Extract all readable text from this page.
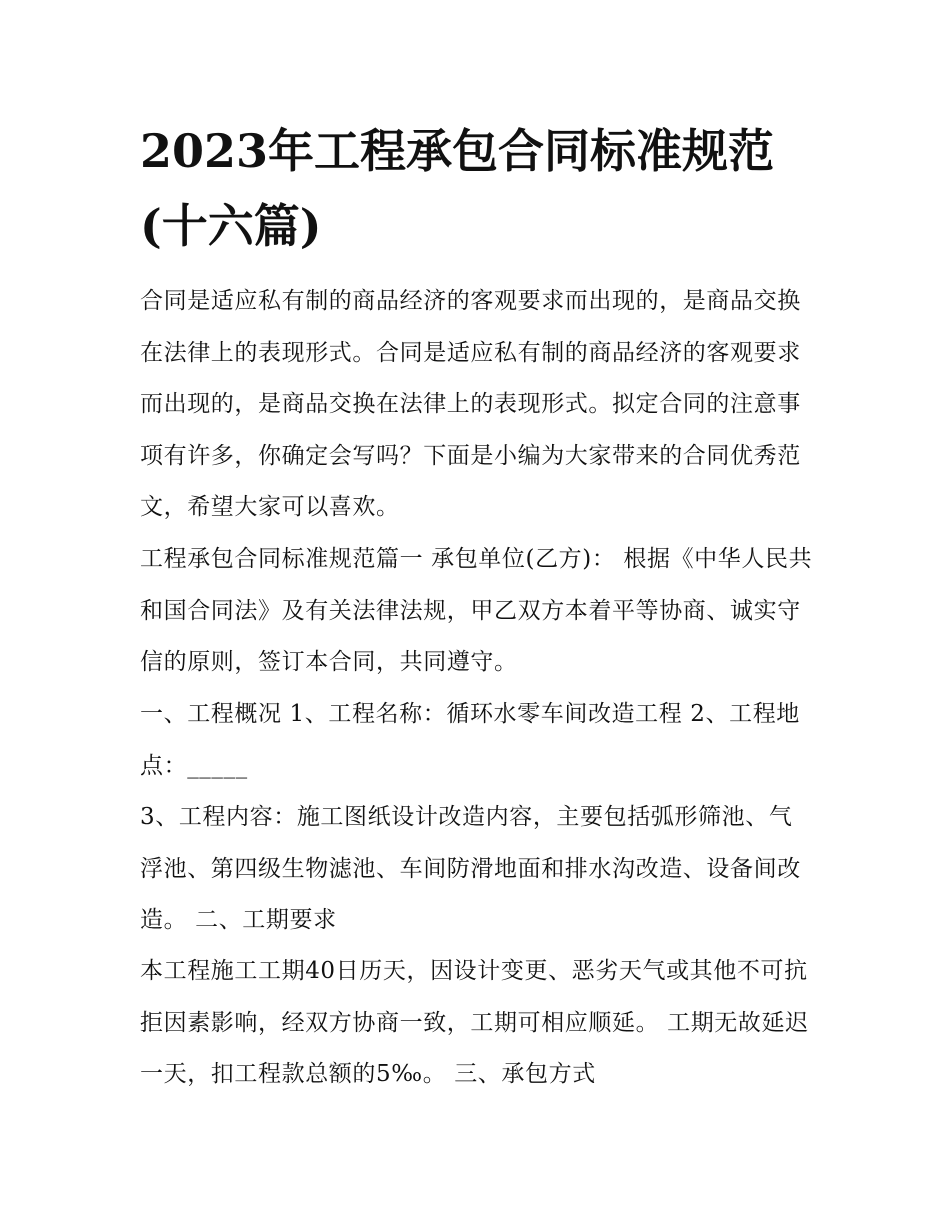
2023年工程承包合同标准规范(十六篇)

合同是适应私有制的商品经济的客观要求而出现的，是商品交换在法律上的表现形式。合同是适应私有制的商品经济的客观要求而出现的，是商品交换在法律上的表现形式。拟定合同的注意事项有许多，你确定会写吗？下面是小编为大家带来的合同优秀范文，希望大家可以喜欢。

工程承包合同标准规范篇一 承包单位(乙方)： 根据《中华人民共和国合同法》及有关法律法规，甲乙双方本着平等协商、诚实守信的原则，签订本合同，共同遵守。

一、工程概况 1、工程名称：循环水零车间改造工程 2、工程地点：_____

3、工程内容：施工图纸设计改造内容，主要包括弧形筛池、气浮池、第四级生物滤池、车间防滑地面和排水沟改造、设备间改造。 二、工期要求

本工程施工工期40日历天，因设计变更、恶劣天气或其他不可抗拒因素影响，经双方协商一致，工期可相应顺延。 工期无故延迟一天，扣工程款总额的5‰。 三、承包方式
